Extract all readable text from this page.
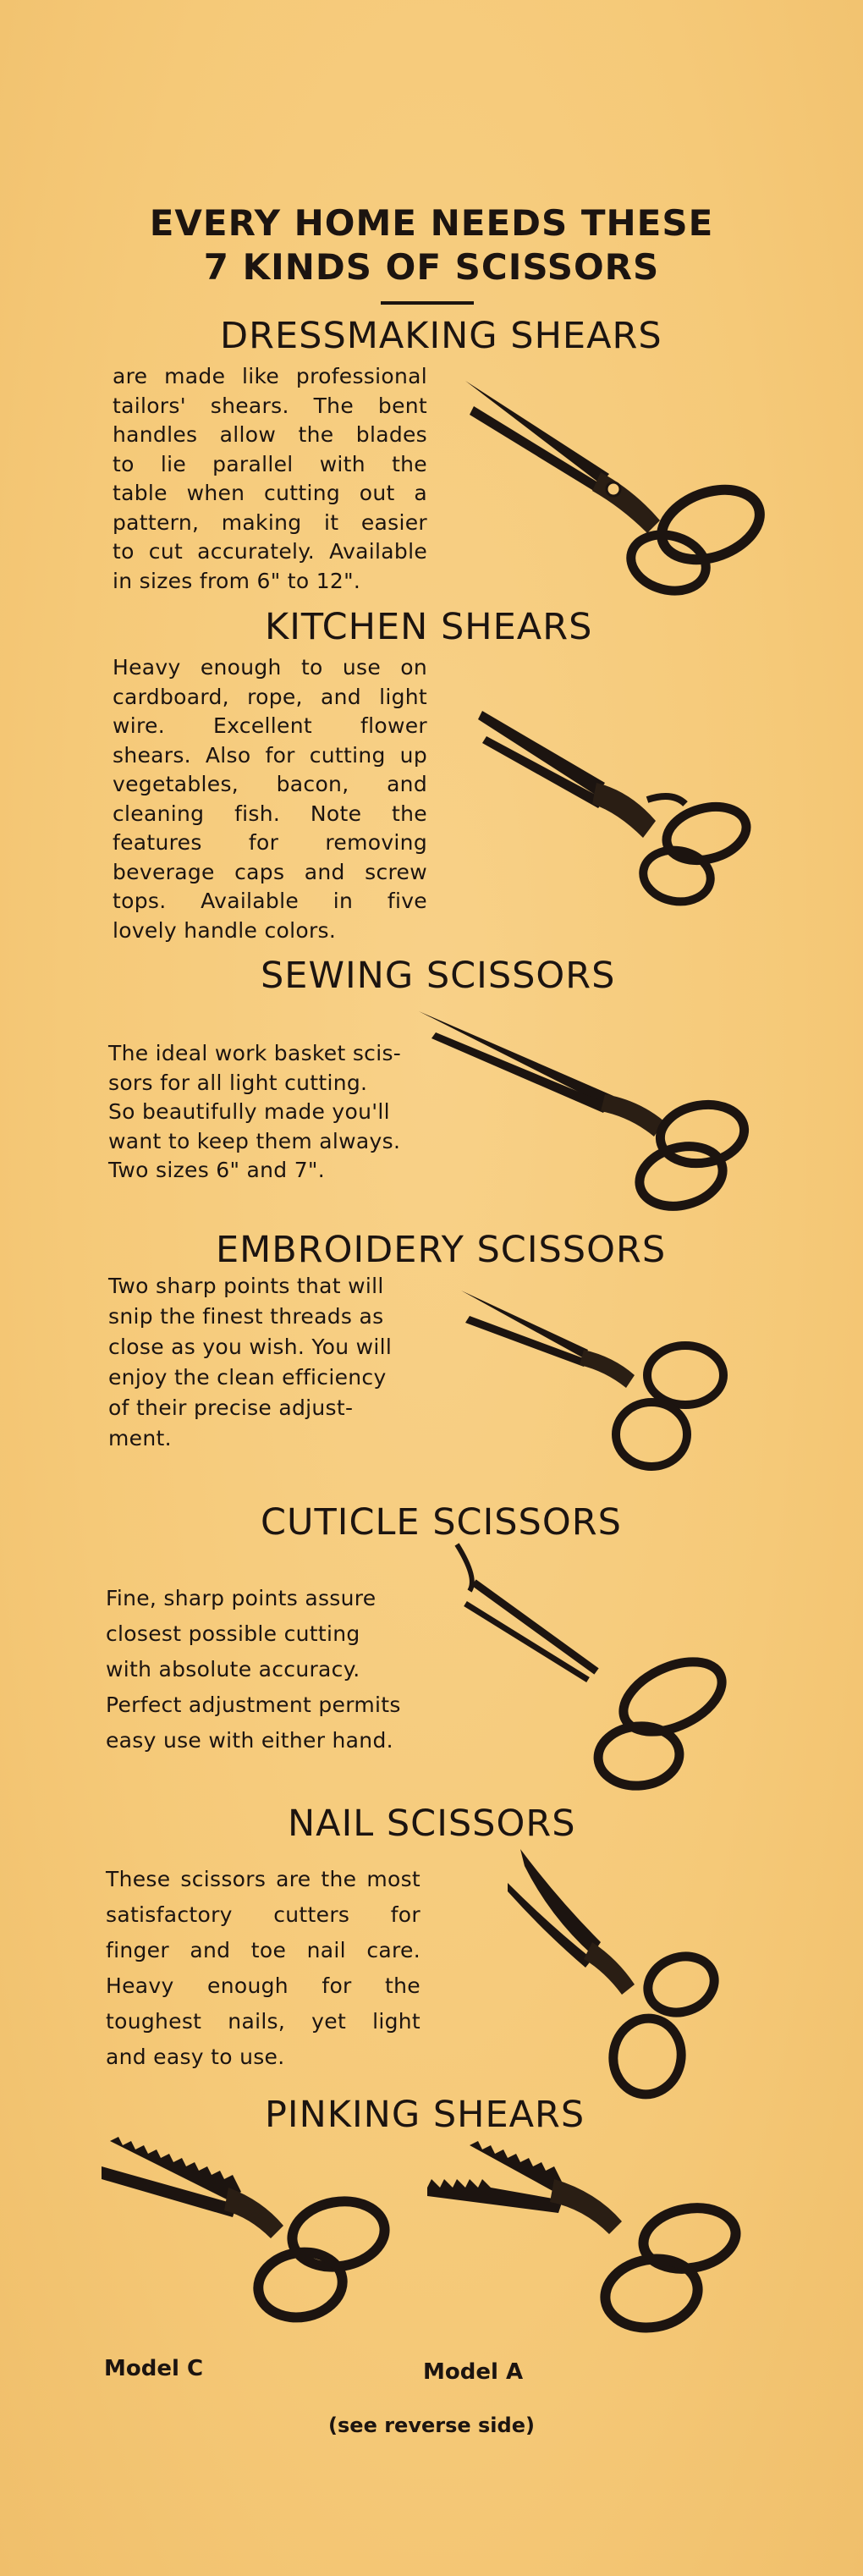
EVERY HOME NEEDS THESE
7 KINDS OF SCISSORS
DRESSMAKING SHEARS
are made like professional
tailors' shears. The bent
handles allow the blades
to lie parallel with the
table when cutting out a
pattern, making it easier
to cut accurately. Available
in sizes from 6" to 12".
KITCHEN SHEARS
Heavy enough to use on
cardboard, rope, and light
wire. Excellent flower
shears. Also for cutting up
vegetables, bacon, and
cleaning fish. Note the
features for removing
beverage caps and screw
tops. Available in five
lovely handle colors.
SEWING SCISSORS
The ideal work basket scis-
sors for all light cutting.
So beautifully made you'll
want to keep them always.
Two sizes 6" and 7".
EMBROIDERY SCISSORS
Two sharp points that will
snip the finest threads as
close as you wish. You will
enjoy the clean efficiency
of their precise adjust-
ment.
CUTICLE SCISSORS
Fine, sharp points assure
closest possible cutting
with absolute accuracy.
Perfect adjustment permits
easy use with either hand.
NAIL SCISSORS
These scissors are the most
satisfactory cutters for
finger and toe nail care.
Heavy enough for the
toughest nails, yet light
and easy to use.
PINKING SHEARS
Model C	Model A
(see reverse side)
